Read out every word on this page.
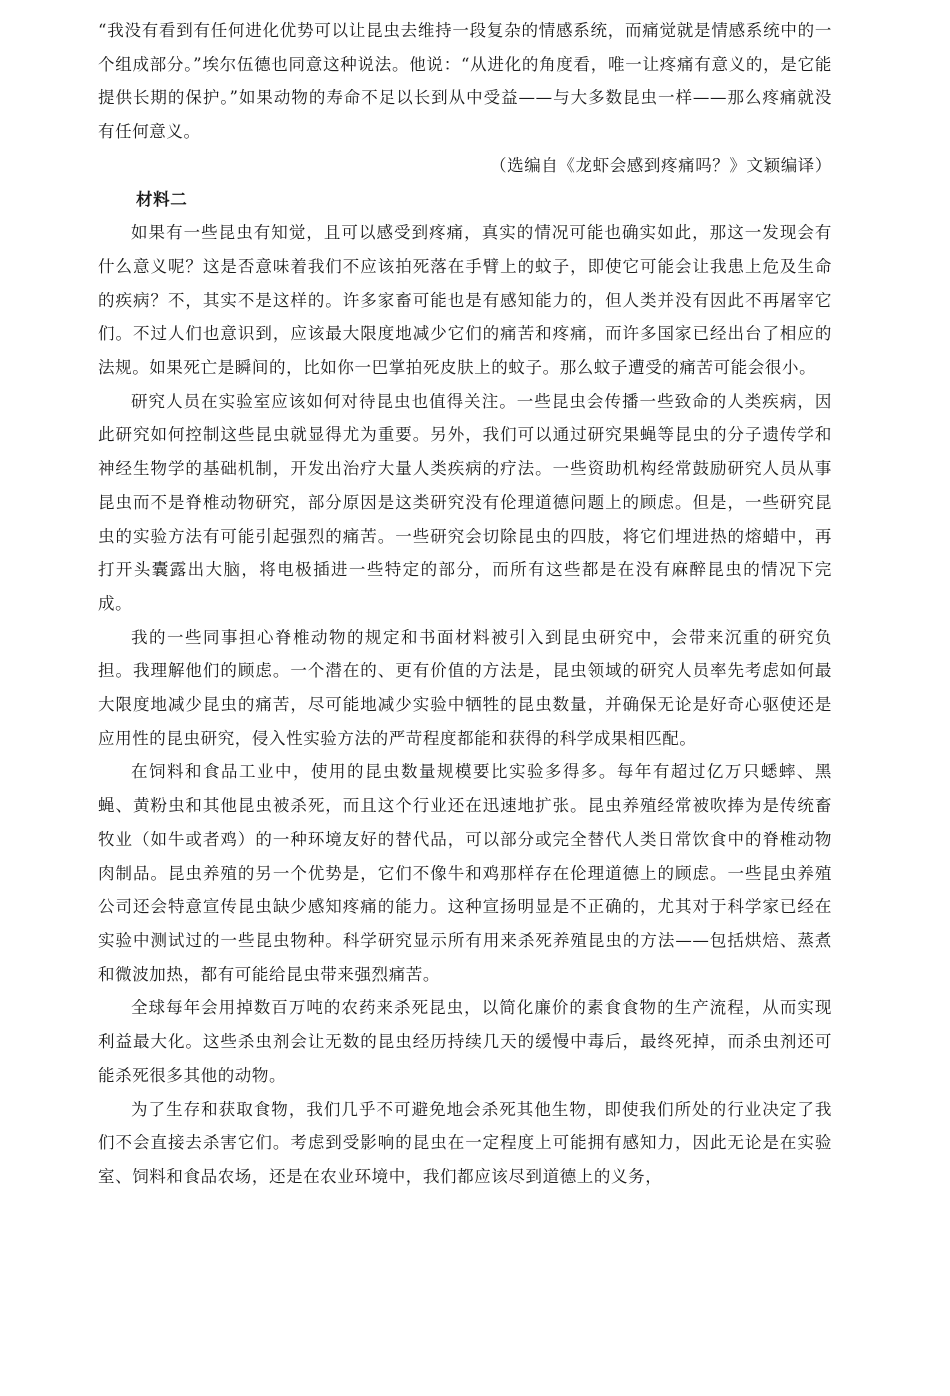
“我没有看到有任何进化优势可以让昆虫去维持一段复杂的情感系统，而痛觉就是情感系统中的一个组成部分。”埃尔伍德也同意这种说法。他说：“从进化的角度看，唯一让疼痛有意义的，是它能提供长期的保护。”如果动物的寿命不足以长到从中受益——与大多数昆虫一样——那么疼痛就没有任何意义。

（选编自《龙虾会感到疼痛吗？》文颖编译）

材料二

如果有一些昆虫有知觉，且可以感受到疼痛，真实的情况可能也确实如此，那这一发现会有什么意义呢？这是否意味着我们不应该拍死落在手臂上的蚊子，即使它可能会让我患上危及生命的疾病？不，其实不是这样的。许多家畜可能也是有感知能力的，但人类并没有因此不再屠宰它们。不过人们也意识到，应该最大限度地减少它们的痛苦和疼痛，而许多国家已经出台了相应的法规。如果死亡是瞬间的，比如你一巴掌拍死皮肤上的蚊子。那么蚊子遭受的痛苦可能会很小。

研究人员在实验室应该如何对待昆虫也值得关注。一些昆虫会传播一些致命的人类疾病，因此研究如何控制这些昆虫就显得尤为重要。另外，我们可以通过研究果蝇等昆虫的分子遗传学和神经生物学的基础机制，开发出治疗大量人类疾病的疗法。一些资助机构经常鼓励研究人员从事昆虫而不是脊椎动物研究，部分原因是这类研究没有伦理道德问题上的顾虑。但是，一些研究昆虫的实验方法有可能引起强烈的痛苦。一些研究会切除昆虫的四肢，将它们埋进热的熔蜡中，再打开头囊露出大脑，将电极插进一些特定的部分，而所有这些都是在没有麻醉昆虫的情况下完成。

我的一些同事担心脊椎动物的规定和书面材料被引入到昆虫研究中，会带来沉重的研究负担。我理解他们的顾虑。一个潜在的、更有价值的方法是，昆虫领域的研究人员率先考虑如何最大限度地减少昆虫的痛苦，尽可能地减少实验中牺牲的昆虫数量，并确保无论是好奇心驱使还是应用性的昆虫研究，侵入性实验方法的严苛程度都能和获得的科学成果相匹配。

在饲料和食品工业中，使用的昆虫数量规模要比实验多得多。每年有超过亿万只蟋蟀、黑蝇、黄粉虫和其他昆虫被杀死，而且这个行业还在迅速地扩张。昆虫养殖经常被吹捧为是传统畜牧业（如牛或者鸡）的一种环境友好的替代品，可以部分或完全替代人类日常饮食中的脊椎动物肉制品。昆虫养殖的另一个优势是，它们不像牛和鸡那样存在伦理道德上的顾虑。一些昆虫养殖公司还会特意宣传昆虫缺少感知疼痛的能力。这种宣扬明显是不正确的，尤其对于科学家已经在实验中测试过的一些昆虫物种。科学研究显示所有用来杀死养殖昆虫的方法——包括烘焙、蒸煮和微波加热，都有可能给昆虫带来强烈痛苦。

全球每年会用掉数百万吨的农药来杀死昆虫，以简化廉价的素食食物的生产流程，从而实现利益最大化。这些杀虫剂会让无数的昆虫经历持续几天的缓慢中毒后，最终死掉，而杀虫剂还可能杀死很多其他的动物。

为了生存和获取食物，我们几乎不可避免地会杀死其他生物，即使我们所处的行业决定了我们不会直接去杀害它们。考虑到受影响的昆虫在一定程度上可能拥有感知力，因此无论是在实验室、饲料和食品农场，还是在农业环境中，我们都应该尽到道德上的义务，
